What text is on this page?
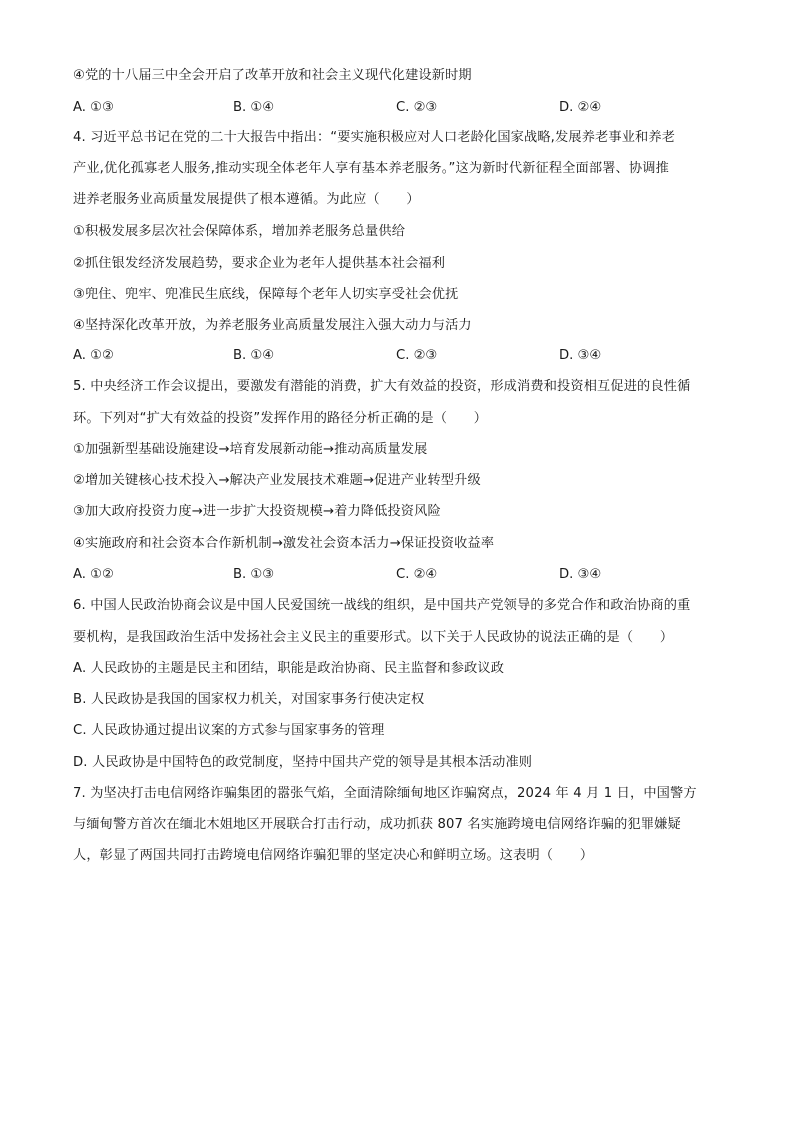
④党的十八届三中全会开启了改革开放和社会主义现代化建设新时期
A. ①③	B. ①④	C. ②③	D. ②④
4. 习近平总书记在党的二十大报告中指出：“要实施积极应对人口老龄化国家战略,发展养老事业和养老
产业,优化孤寡老人服务,推动实现全体老年人享有基本养老服务。”这为新时代新征程全面部署、协调推
进养老服务业高质量发展提供了根本遵循。为此应（　　）
①积极发展多层次社会保障体系，增加养老服务总量供给
②抓住银发经济发展趋势，要求企业为老年人提供基本社会福利
③兜住、兜牢、兜准民生底线，保障每个老年人切实享受社会优抚
④坚持深化改革开放，为养老服务业高质量发展注入强大动力与活力
A. ①②	B. ①④	C. ②③	D. ③④
5. 中央经济工作会议提出，要激发有潜能的消费，扩大有效益的投资，形成消费和投资相互促进的良性循
环。下列对“扩大有效益的投资”发挥作用的路径分析正确的是（　　）
①加强新型基础设施建设→培育发展新动能→推动高质量发展
②增加关键核心技术投入→解决产业发展技术难题→促进产业转型升级
③加大政府投资力度→进一步扩大投资规模→着力降低投资风险
④实施政府和社会资本合作新机制→激发社会资本活力→保证投资收益率
A. ①②	B. ①③	C. ②④	D. ③④
6. 中国人民政治协商会议是中国人民爱国统一战线的组织，是中国共产党领导的多党合作和政治协商的重
要机构，是我国政治生活中发扬社会主义民主的重要形式。以下关于人民政协的说法正确的是（　　）
A. 人民政协的主题是民主和团结，职能是政治协商、民主监督和参政议政
B. 人民政协是我国的国家权力机关，对国家事务行使决定权
C. 人民政协通过提出议案的方式参与国家事务的管理
D. 人民政协是中国特色的政党制度，坚持中国共产党的领导是其根本活动准则
7. 为坚决打击电信网络诈骗集团的嚣张气焰，全面清除缅甸地区诈骗窝点，2024 年 4 月 1 日，中国警方
与缅甸警方首次在缅北木姐地区开展联合打击行动，成功抓获 807 名实施跨境电信网络诈骗的犯罪嫌疑
人，彰显了两国共同打击跨境电信网络诈骗犯罪的坚定决心和鲜明立场。这表明（　　）
